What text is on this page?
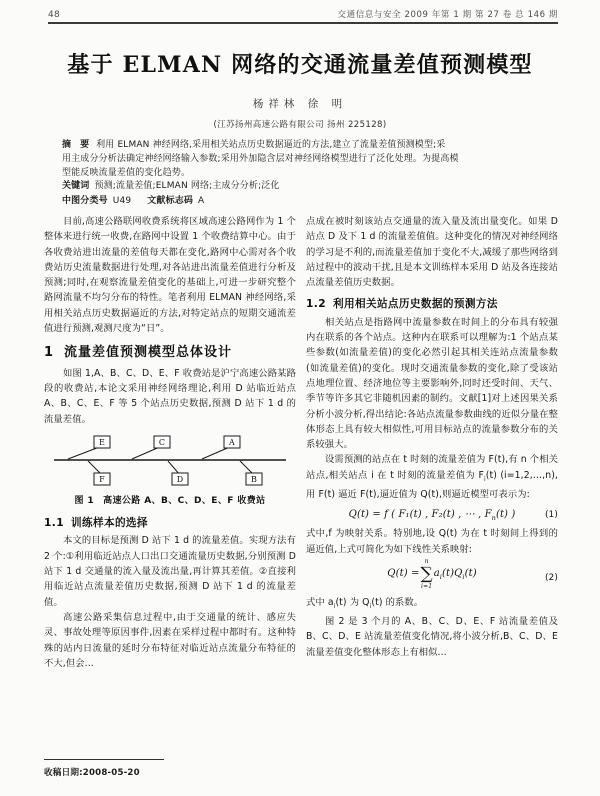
48	交通信息与安全 2009 年第 1 期 第 27 卷 总 146 期
基于 ELMAN 网络的交通流量差值预测模型
杨祥林 徐 明
(江苏扬州高速公路有限公司 扬州 225128)
摘 要 利用 ELMAN 神经网络,采用相关站点历史数据逼近的方法,建立了流量差值预测模型;采
用主成分分析法确定神经网络输入参数;采用外加隐含层对神经网络模型进行了泛化处理。为提高模
型能反映流量差值的变化趋势。
关键词 预测;流量差值;ELMAN 网络;主成分分析;泛化
中图分类号 U49 文献标志码 A

目前,高速公路联网收费系统将区域高速公路网作为 1 个整体来进行统一收费,在路网中设置 1 个收费结算中心。由于各收费站进出流量的差值每天都在变化,路网中心需对各个收费站历史流量数据进行处理,对各站进出流量差值进行分析及预测;同时,在观察流量差值变化的基础上,可进一步研究整个路网流量不均匀分布的特性。笔者利用 ELMAN 神经网络,采用相关站点历史数据逼近的方法,对特定站点的短期交通流差值进行预测,观测尺度为“日”。

1 流量差值预测模型总体设计

如图 1,A、B、C、D、E、F 收费站是沪宁高速公路某路段的收费站,本论文采用神经网络理论,利用 D 站临近站点 A、B、C、E、F 等 5 个站点历史数据,预测 D 站下 1 d 的流量差值。

E	C	A
F	D	B
图 1 高速公路 A、B、C、D、E、F 收费站
1.1 训练样本的选择

本文的目标是预测 D 站下 1 d 的流量差值。实现方法有 2 个:①利用临近站点人口出口交通流量历史数据,分别预测 D 站下 1 d 交通量的流入量及流出量,再计算其差值。②直接利用临近站点流量差值历史数据,预测 D 站下 1 d 的流量差值。

高速公路采集信息过程中,由于交通量的统计、感应失灵、事故处理等原因事件,因素在采样过程中都时有。这种特殊的站内日流量的延时分布特征对临近站点流量分布特征的不大,但会...

点成在被时刻该站点交通量的流入量及流出量变化。如果 D 站点 D 及下 1 d 的流量差值值。这种变化的情况对神经网络的学习是不利的,而流量差值加于变化不大,减缓了那些网络到站过程中的波动干扰,且是本文训练样本采用 D 站及各连接站点流量差值历史数据。

1.2 利用相关站点历史数据的预测方法

相关站点是指路网中流量参数在时间上的分布具有较强内在联系的各个站点。这种内在联系可以理解为:1 个站点某些参数(如流量差值)的变化必然引起其相关连站点流量参数(如流量差值)的变化。现时交通流量参数的变化,除了受该站点地理位置、经济地位等主要影响外,同时还受时间、天气、季节等许多其它非随机因素的制约。文献[1]对上述因果关系分析小波分析,得出结论:各站点流量参数曲线的近似分量在整体形态上具有较大相似性,可用目标站点的流量参数分布的关系较强大。

设需预测的站点在 t 时刻的流量差值为 F(t),有 n 个相关站点,相关站点 i 在 t 时刻的流量差值为 $F_i(t)$ (i=1,2,…,n),用 F(t) 逼近 F(t),逼近值为 Q(t),则逼近模型可表示为:

Q(t) = f ( F₁(t) , F₂(t) , ⋯ , $F_n(t)$ )	(1)

式中,f 为映射关系。特别地,设 Q(t) 为在 t 时刻间上得到的逼近值,上式可简化为如下线性关系映射:

Q(t) =∑
n
i=1
$a_i(t)Q_i(t)$	(2)

式中 $a_i(t)$ 为 $Q_i(t)$ 的系数。

图 2 是 3 个月的 A、B、C、D、E、F 站流量差值及 B、C、D、E 站流量差值变化情况,将小波分析,B、C、D、E 流量差值变化整体形态上有相似...

收稿日期:2008-05-20
